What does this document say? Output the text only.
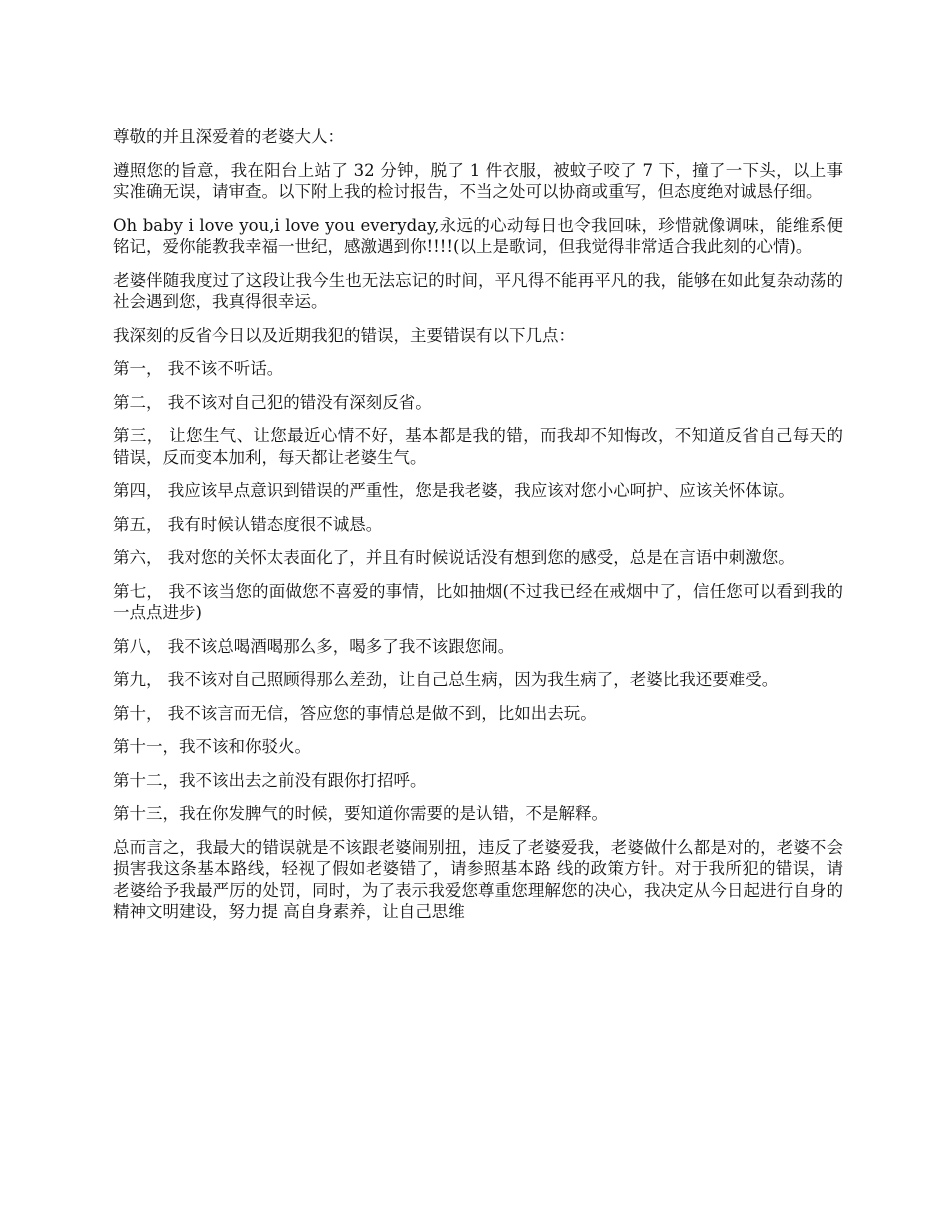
尊敬的并且深爱着的老婆大人：

遵照您的旨意，我在阳台上站了 32 分钟，脱了 1 件衣服，被蚊子咬了 7 下，撞了一下头，以上事实准确无误，请审查。以下附上我的检讨报告，不当之处可以协商或重写，但态度绝对诚恳仔细。

Oh baby i love you,i love you everyday,永远的心动每日也令我回味，珍惜就像调味，能维系便铭记，爱你能教我幸福一世纪，感激遇到你!!!!(以上是歌词，但我觉得非常适合我此刻的心情)。

老婆伴随我度过了这段让我今生也无法忘记的时间，平凡得不能再平凡的我，能够在如此复杂动荡的社会遇到您，我真得很幸运。

我深刻的反省今日以及近期我犯的错误，主要错误有以下几点：

第一， 我不该不听话。

第二， 我不该对自己犯的错没有深刻反省。

第三， 让您生气、让您最近心情不好，基本都是我的错，而我却不知悔改，不知道反省自己每天的错误，反而变本加利，每天都让老婆生气。

第四， 我应该早点意识到错误的严重性，您是我老婆，我应该对您小心呵护、应该关怀体谅。

第五， 我有时候认错态度很不诚恳。

第六， 我对您的关怀太表面化了，并且有时候说话没有想到您的感受，总是在言语中刺激您。

第七， 我不该当您的面做您不喜爱的事情，比如抽烟(不过我已经在戒烟中了，信任您可以看到我的一点点进步)

第八， 我不该总喝酒喝那么多，喝多了我不该跟您闹。

第九， 我不该对自己照顾得那么差劲，让自己总生病，因为我生病了，老婆比我还要难受。

第十， 我不该言而无信，答应您的事情总是做不到，比如出去玩。

第十一，我不该和你驳火。

第十二，我不该出去之前没有跟你打招呼。

第十三，我在你发脾气的时候，要知道你需要的是认错，不是解释。

总而言之，我最大的错误就是不该跟老婆闹别扭，违反了老婆爱我，老婆做什么都是对的，老婆不会损害我这条基本路线，轻视了假如老婆错了，请参照基本路 线的政策方针。对于我所犯的错误，请老婆给予我最严厉的处罚，同时，为了表示我爱您尊重您理解您的决心，我决定从今日起进行自身的精神文明建设，努力提 高自身素养，让自己思维
